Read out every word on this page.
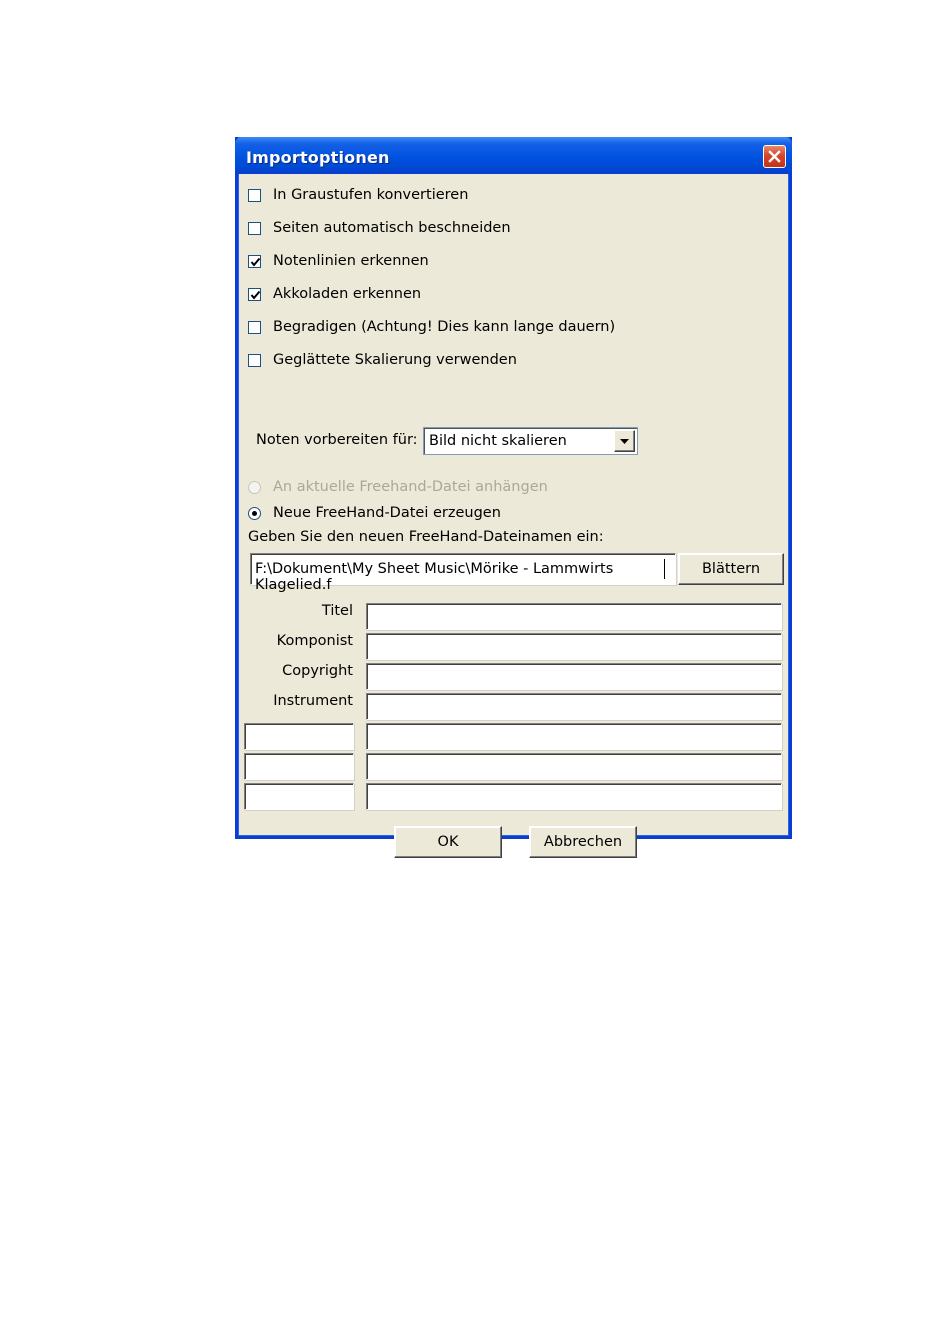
Importoptionen
In Graustufen konvertieren
Seiten automatisch beschneiden
Notenlinien erkennen
Akkoladen erkennen
Begradigen (Achtung! Dies kann lange dauern)
Geglättete Skalierung verwenden
Noten vorbereiten für: Bild nicht skalieren
An aktuelle Freehand-Datei anhängen
Neue FreeHand-Datei erzeugen
Geben Sie den neuen FreeHand-Dateinamen ein:
F:\Dokument\My Sheet Music\Mörike - Lammwirts Klagelied.f
Blättern
Titel
Komponist
Copyright
Instrument
OK	Abbrechen
